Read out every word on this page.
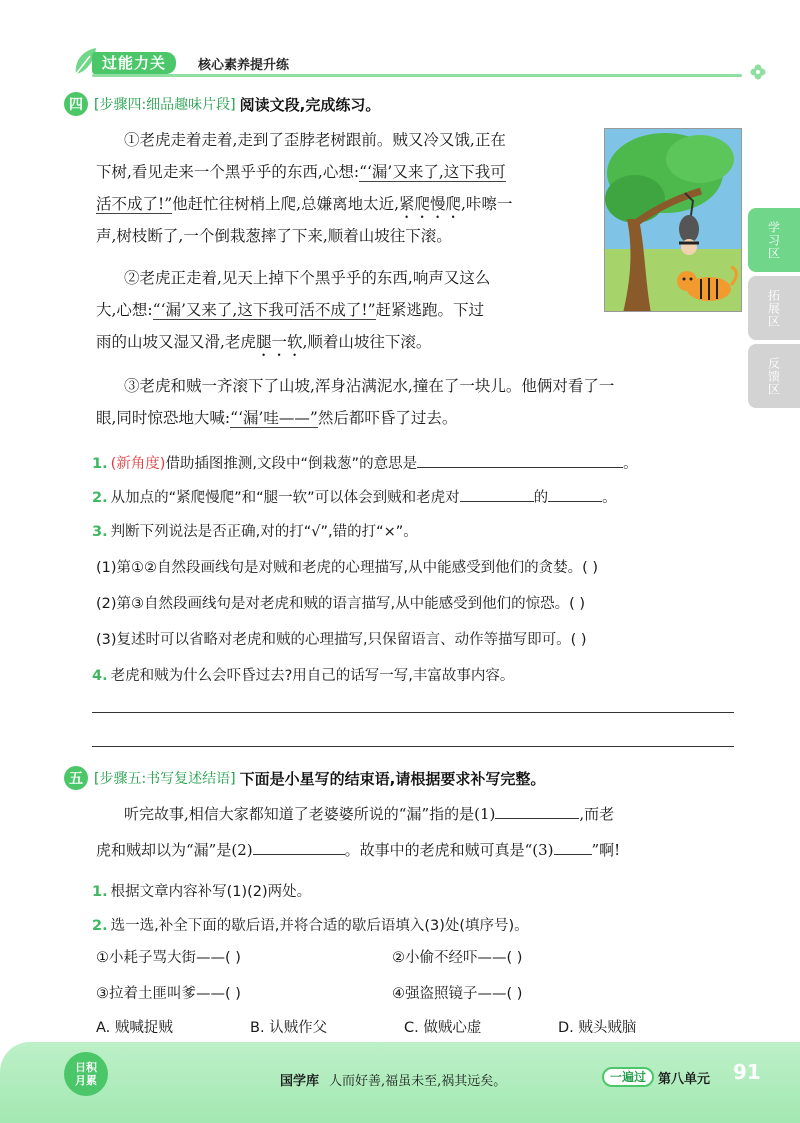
过能力关	核心素养提升练
学习区
拓展区
反馈区
四 [步骤四:细品趣味片段] 阅读文段,完成练习。
①老虎走着走着,走到了歪脖老树跟前。贼又冷又饿,正在
下树,看见走来一个黑乎乎的东西,心想:“‘漏’又来了,这下我可
活不成了!”他赶忙往树梢上爬,总嫌离地太近,紧爬慢爬,咔嚓一
声,树枝断了,一个倒栽葱摔了下来,顺着山坡往下滚。
②老虎正走着,见天上掉下个黑乎乎的东西,响声又这么
大,心想:“‘漏’又来了,这下我可活不成了!”赶紧逃跑。下过
雨的山坡又湿又滑,老虎腿一软,顺着山坡往下滚。
③老虎和贼一齐滚下了山坡,浑身沾满泥水,撞在了一块儿。他俩对看了一
眼,同时惊恐地大喊:“‘漏’哇——”然后都吓昏了过去。
1. (新角度)借助插图推测,文段中“倒栽葱”的意思是	。
2. 从加点的“紧爬慢爬”和“腿一软”可以体会到贼和老虎对	的	。
3. 判断下列说法是否正确,对的打“√”,错的打“×”。
(1)第①②自然段画线句是对贼和老虎的心理描写,从中能感受到他们的贪婪。( )
(2)第③自然段画线句是对老虎和贼的语言描写,从中能感受到他们的惊恐。( )
(3)复述时可以省略对老虎和贼的心理描写,只保留语言、动作等描写即可。( )
4. 老虎和贼为什么会吓昏过去?用自己的话写一写,丰富故事内容。
五 [步骤五:书写复述结语] 下面是小星写的结束语,请根据要求补写完整。
听完故事,相信大家都知道了老婆婆所说的“漏”指的是(1)	,而老
虎和贼却以为“漏”是(2)	。故事中的老虎和贼可真是“(3)	”啊!
1. 根据文章内容补写(1)(2)两处。
2. 选一选,补全下面的歇后语,并将合适的歇后语填入(3)处(填序号)。
①小耗子骂大街——( )	②小偷不经吓——( )
③拉着土匪叫爹——( )	④强盗照镜子——( )
A. 贼喊捉贼	B. 认贼作父	C. 做贼心虚	D. 贼头贼脑
日积
月累	国学库 人而好善,福虽未至,祸其远矣。	一遍过 第八单元 91
